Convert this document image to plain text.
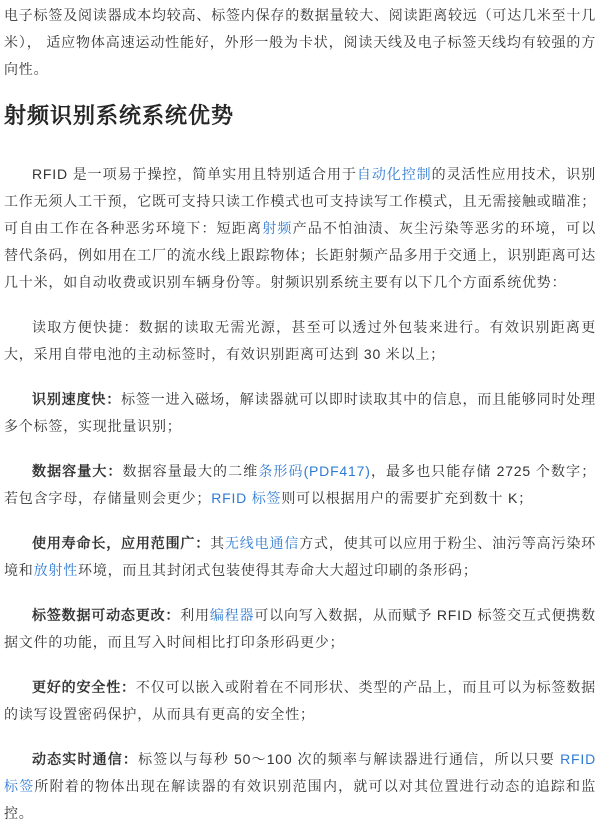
电子标签及阅读器成本均较高、标签内保存的数据量较大、阅读距离较远（可达几米至十几米）， 适应物体高速运动性能好，外形一般为卡状，阅读天线及电子标签天线均有较强的方向性。

射频识别系统系统优势

RFID 是一项易于操控，简单实用且特别适合用于自动化控制的灵活性应用技术，识别工作无须人工干预，它既可支持只读工作模式也可支持读写工作模式，且无需接触或瞄准；可自由工作在各种恶劣环境下：短距离射频产品不怕油渍、灰尘污染等恶劣的环境，可以替代条码，例如用在工厂的流水线上跟踪物体；长距射频产品多用于交通上，识别距离可达几十米，如自动收费或识别车辆身份等。射频识别系统主要有以下几个方面系统优势：

读取方便快捷：数据的读取无需光源，甚至可以透过外包装来进行。有效识别距离更大，采用自带电池的主动标签时，有效识别距离可达到 30 米以上；

识别速度快：标签一进入磁场，解读器就可以即时读取其中的信息，而且能够同时处理多个标签，实现批量识别；

数据容量大：数据容量最大的二维条形码(PDF417)，最多也只能存储 2725 个数字；若包含字母，存储量则会更少；RFID 标签则可以根据用户的需要扩充到数十 K；

使用寿命长，应用范围广：其无线电通信方式，使其可以应用于粉尘、油污等高污染环境和放射性环境，而且其封闭式包装使得其寿命大大超过印刷的条形码；

标签数据可动态更改：利用编程器可以向写入数据，从而赋予 RFID 标签交互式便携数据文件的功能，而且写入时间相比打印条形码更少；

更好的安全性：不仅可以嵌入或附着在不同形状、类型的产品上，而且可以为标签数据的读写设置密码保护，从而具有更高的安全性；

动态实时通信：标签以与每秒 50～100 次的频率与解读器进行通信，所以只要 RFID 标签所附着的物体出现在解读器的有效识别范围内，就可以对其位置进行动态的追踪和监控。
